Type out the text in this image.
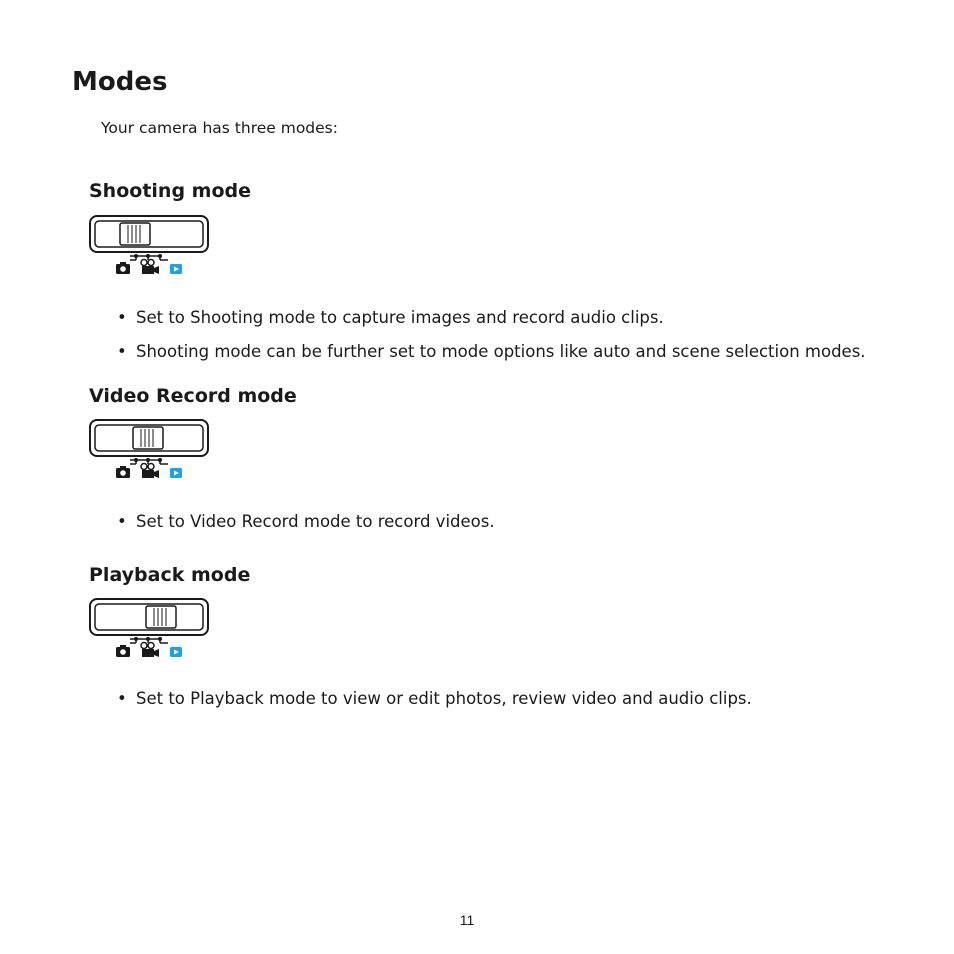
Modes

Your camera has three modes:

Shooting mode
• Set to Shooting mode to capture images and record audio clips.
• Shooting mode can be further set to mode options like auto and scene selection modes.
Video Record mode
• Set to Video Record mode to record videos.
Playback mode
• Set to Playback mode to view or edit photos, review video and audio clips.
11
